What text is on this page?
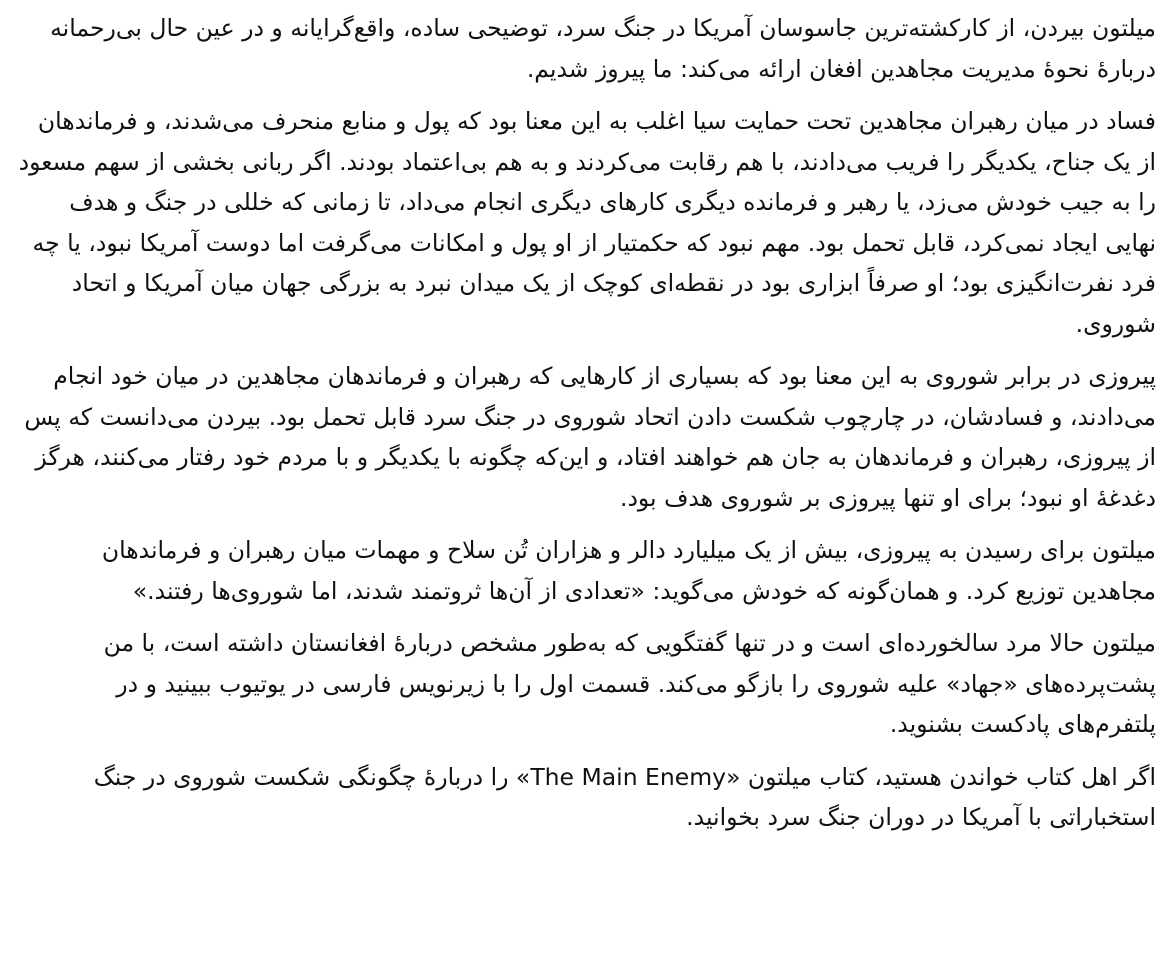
میلتون بیردن، از کارکشته‌ترین جاسوسان آمریکا در جنگ سرد، توضیحی ساده، واقع‌گرایانه و در عین حال بی‌رحمانه دربارهٔ نحوهٔ مدیریت مجاهدین افغان ارائه می‌کند: ما پیروز شدیم.

فساد در میان رهبران مجاهدین تحت حمایت سیا اغلب به این معنا بود که پول و منابع منحرف می‌شدند، و فرماندهان از یک جناح، یکدیگر را فریب می‌دادند، با هم رقابت می‌کردند و به هم بی‌اعتماد بودند. اگر ربانی بخشی از سهم مسعود را به جیب خودش می‌زد، یا رهبر و فرمانده دیگری کارهای دیگری انجام می‌داد، تا زمانی که خللی در جنگ و هدف نهایی ایجاد نمی‌کرد، قابل تحمل بود. مهم نبود که حکمتیار از او پول و امکانات می‌گرفت اما دوست آمریکا نبود، یا چه فرد نفرت‌انگیزی بود؛ او صرفاً ابزاری بود در نقطه‌ای کوچک از یک میدان نبرد به بزرگی جهان میان آمریکا و اتحاد شوروی.

پیروزی در برابر شوروی به این معنا بود که بسیاری از کارهایی که رهبران و فرماندهان مجاهدین در میان خود انجام می‌دادند، و فسادشان، در چارچوب شکست دادن اتحاد شوروی در جنگ سرد قابل تحمل بود. بیردن می‌دانست که پس از پیروزی، رهبران و فرماندهان به جان هم خواهند افتاد، و این‌که چگونه با یکدیگر و با مردم خود رفتار می‌کنند، هرگز دغدغهٔ او نبود؛ برای او تنها پیروزی بر شوروی هدف بود.

میلتون برای رسیدن به پیروزی، بیش از یک میلیارد دالر و هزاران تُن سلاح و مهمات میان رهبران و فرماندهان مجاهدین توزیع کرد. و همان‌گونه که خودش می‌گوید: «تعدادی از آن‌ها ثروتمند شدند، اما شوروی‌ها رفتند.»

میلتون حالا مرد سالخورده‌ای است و در تنها گفتگویی که به‌طور مشخص دربارهٔ افغانستان داشته است، با من پشت‌پرده‌های «جهاد» علیه شوروی را بازگو می‌کند. قسمت اول را با زیرنویس فارسی در یوتیوب ببینید و در پلتفرم‌های پادکست بشنوید.

اگر اهل کتاب خواندن هستید، کتاب میلتون «The Main Enemy» را دربارهٔ چگونگی شکست شوروی در جنگ استخباراتی با آمریکا در دوران جنگ سرد بخوانید.
